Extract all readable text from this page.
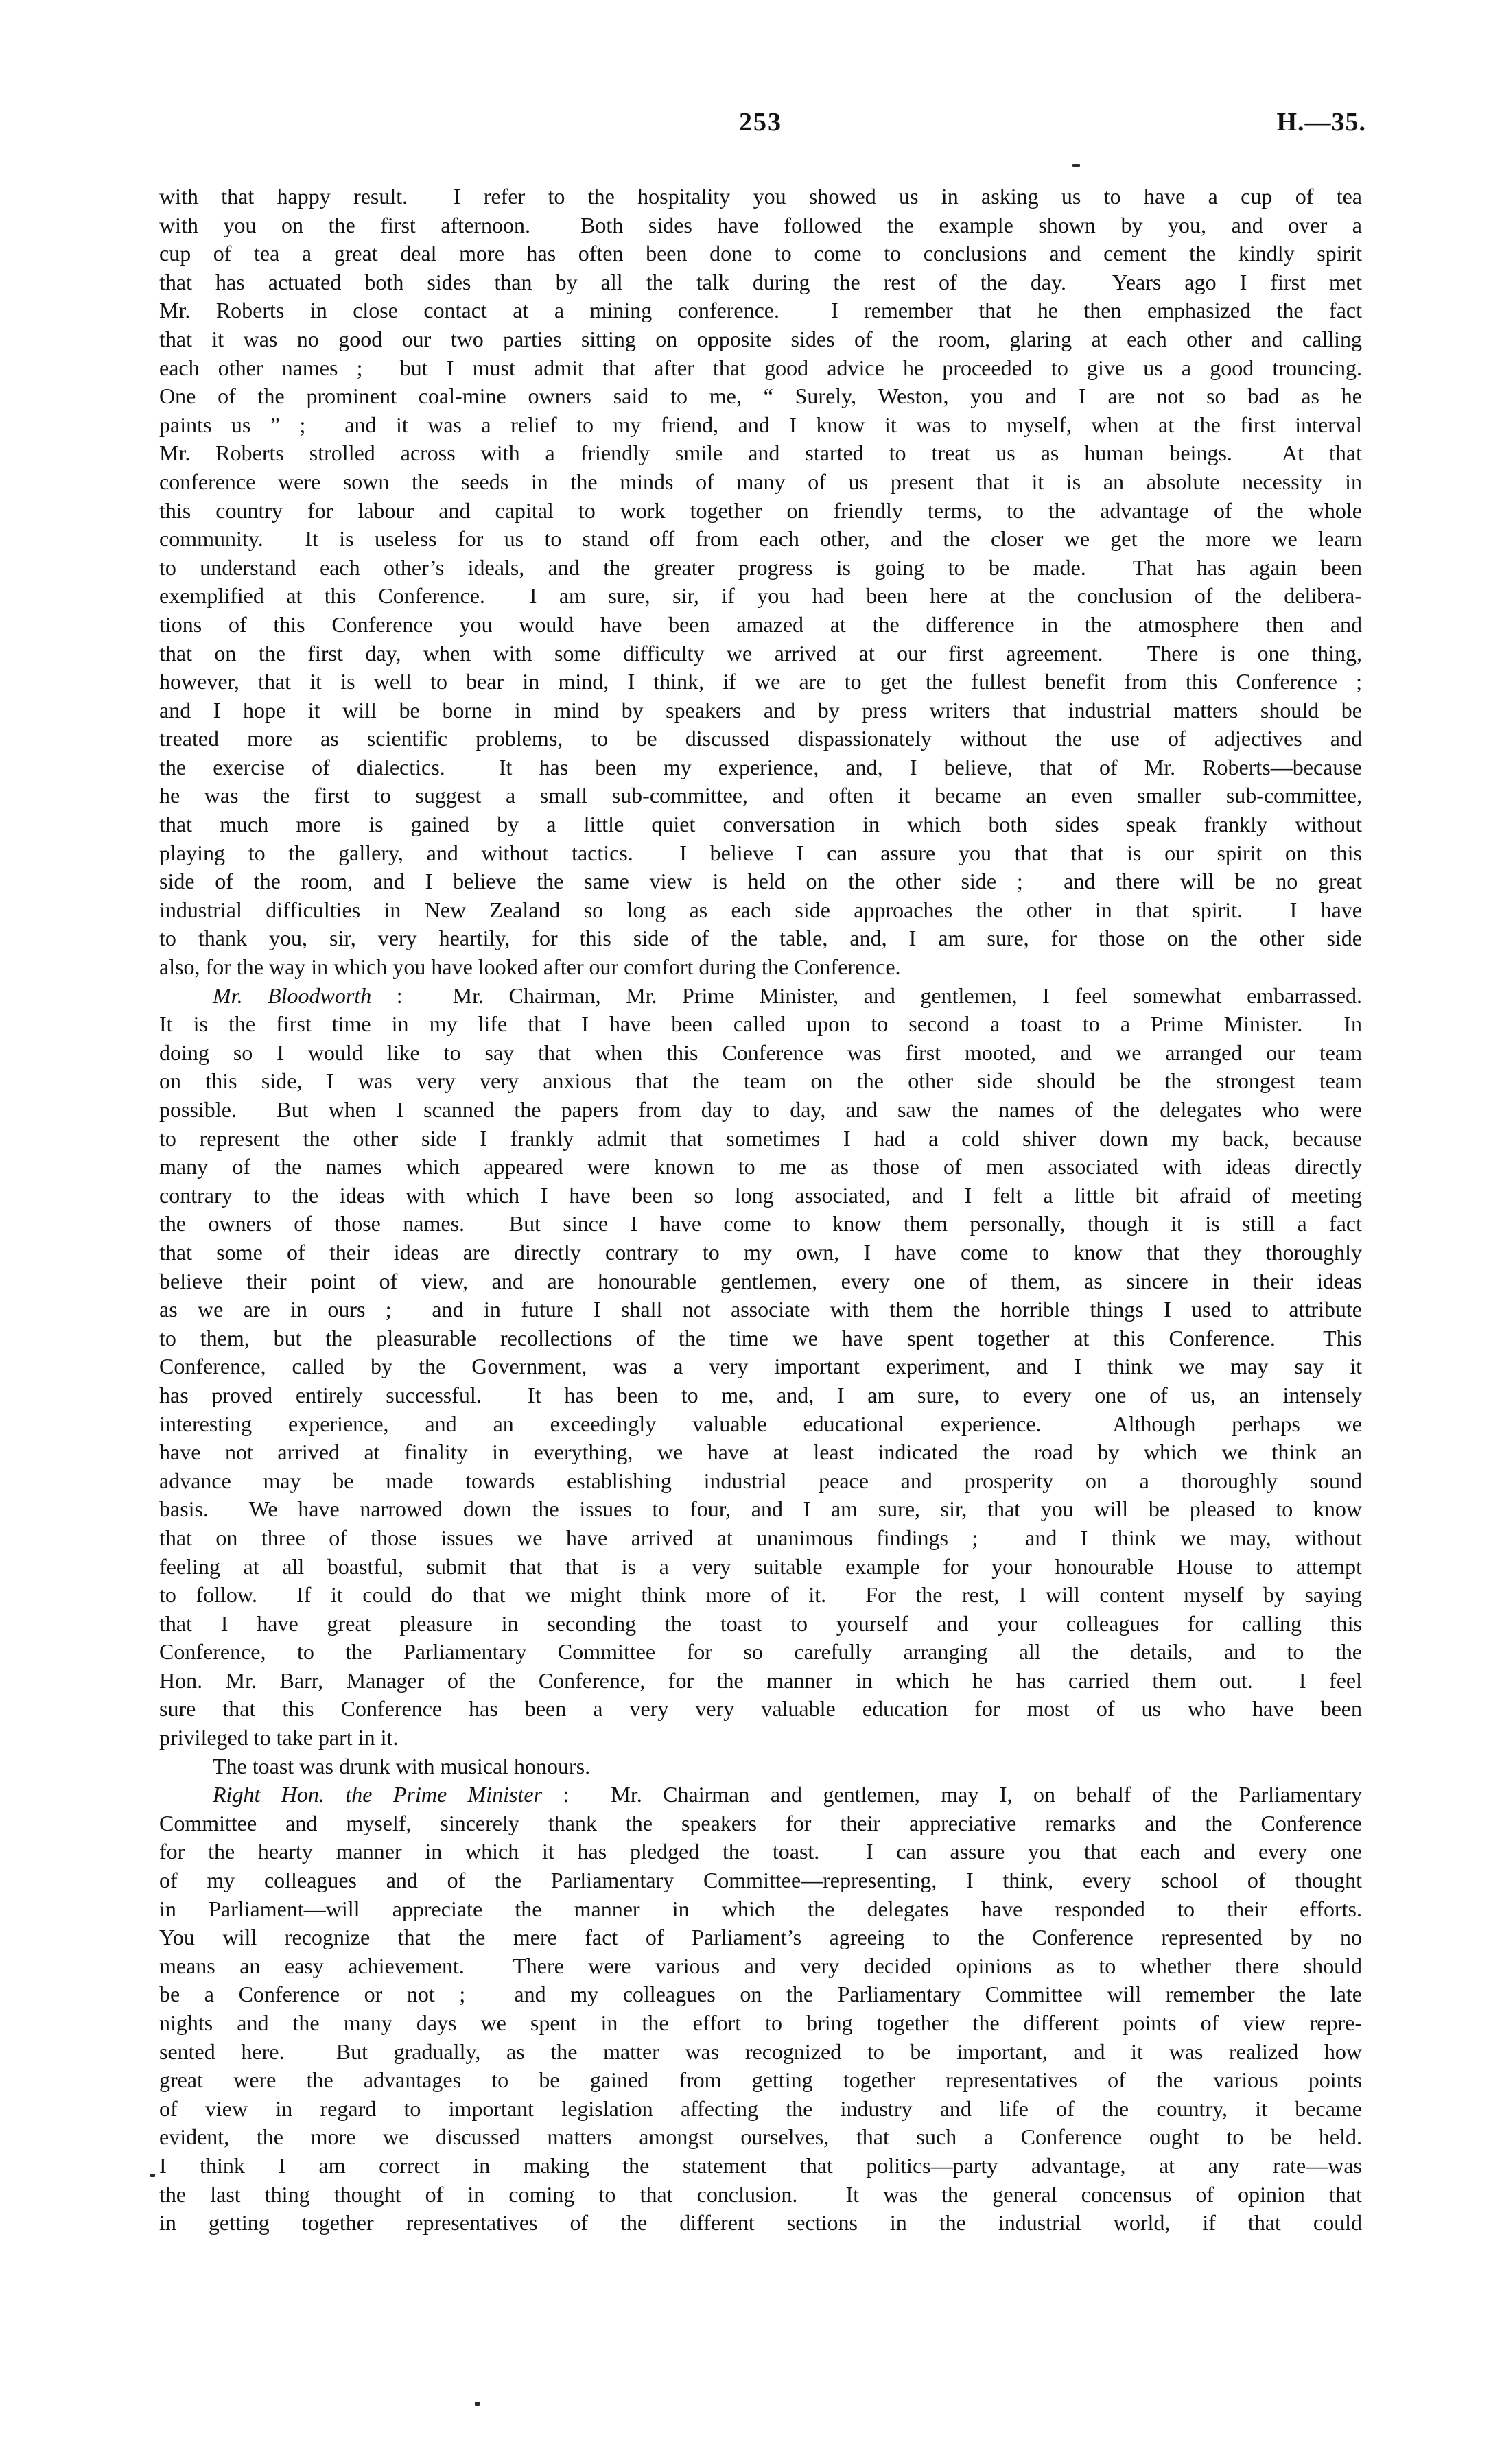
253	H.—35.
with that happy result.  I refer to the hospitality you showed us in asking us to have a cup of tea
with you on the first afternoon.  Both sides have followed the example shown by you, and over a
cup of tea a great deal more has often been done to come to conclusions and cement the kindly spirit
that has actuated both sides than by all the talk during the rest of the day.  Years ago I first met
Mr. Roberts in close contact at a mining conference.  I remember that he then emphasized the fact
that it was no good our two parties sitting on opposite sides of the room, glaring at each other and calling
each other names ;  but I must admit that after that good advice he proceeded to give us a good trouncing.
One of the prominent coal-mine owners said to me, “ Surely, Weston, you and I are not so bad as he
paints us ” ;  and it was a relief to my friend, and I know it was to myself, when at the first interval
Mr. Roberts strolled across with a friendly smile and started to treat us as human beings.  At that
conference were sown the seeds in the minds of many of us present that it is an absolute necessity in
this country for labour and capital to work together on friendly terms, to the advantage of the whole
community.  It is useless for us to stand off from each other, and the closer we get the more we learn
to understand each other’s ideals, and the greater progress is going to be made.  That has again been
exemplified at this Conference.  I am sure, sir, if you had been here at the conclusion of the delibera-
tions of this Conference you would have been amazed at the difference in the atmosphere then and
that on the first day, when with some difficulty we arrived at our first agreement.  There is one thing,
however, that it is well to bear in mind, I think, if we are to get the fullest benefit from this Conference ;
and I hope it will be borne in mind by speakers and by press writers that industrial matters should be
treated more as scientific problems, to be discussed dispassionately without the use of adjectives and
the exercise of dialectics.  It has been my experience, and, I believe, that of Mr. Roberts—because
he was the first to suggest a small sub-committee, and often it became an even smaller sub-committee,
that much more is gained by a little quiet conversation in which both sides speak frankly without
playing to the gallery, and without tactics.  I believe I can assure you that that is our spirit on this
side of the room, and I believe the same view is held on the other side ;  and there will be no great
industrial difficulties in New Zealand so long as each side approaches the other in that spirit.  I have
to thank you, sir, very heartily, for this side of the table, and, I am sure, for those on the other side
also, for the way in which you have looked after our comfort during the Conference.
Mr. Bloodworth :  Mr. Chairman, Mr. Prime Minister, and gentlemen, I feel somewhat embarrassed.
It is the first time in my life that I have been called upon to second a toast to a Prime Minister.  In
doing so I would like to say that when this Conference was first mooted, and we arranged our team
on this side, I was very very anxious that the team on the other side should be the strongest team
possible.  But when I scanned the papers from day to day, and saw the names of the delegates who were
to represent the other side I frankly admit that sometimes I had a cold shiver down my back, because
many of the names which appeared were known to me as those of men associated with ideas directly
contrary to the ideas with which I have been so long associated, and I felt a little bit afraid of meeting
the owners of those names.  But since I have come to know them personally, though it is still a fact
that some of their ideas are directly contrary to my own, I have come to know that they thoroughly
believe their point of view, and are honourable gentlemen, every one of them, as sincere in their ideas
as we are in ours ;  and in future I shall not associate with them the horrible things I used to attribute
to them, but the pleasurable recollections of the time we have spent together at this Conference.  This
Conference, called by the Government, was a very important experiment, and I think we may say it
has proved entirely successful.  It has been to me, and, I am sure, to every one of us, an intensely
interesting experience, and an exceedingly valuable educational experience.  Although perhaps we
have not arrived at finality in everything, we have at least indicated the road by which we think an
advance may be made towards establishing industrial peace and prosperity on a thoroughly sound
basis.  We have narrowed down the issues to four, and I am sure, sir, that you will be pleased to know
that on three of those issues we have arrived at unanimous findings ;  and I think we may, without
feeling at all boastful, submit that that is a very suitable example for your honourable House to attempt
to follow.  If it could do that we might think more of it.  For the rest, I will content myself by saying
that I have great pleasure in seconding the toast to yourself and your colleagues for calling this
Conference, to the Parliamentary Committee for so carefully arranging all the details, and to the
Hon. Mr. Barr, Manager of the Conference, for the manner in which he has carried them out.  I feel
sure that this Conference has been a very very valuable education for most of us who have been
privileged to take part in it.
The toast was drunk with musical honours.
Right Hon. the Prime Minister :  Mr. Chairman and gentlemen, may I, on behalf of the Parliamentary
Committee and myself, sincerely thank the speakers for their appreciative remarks and the Conference
for the hearty manner in which it has pledged the toast.  I can assure you that each and every one
of my colleagues and of the Parliamentary Committee—representing, I think, every school of thought
in Parliament—will appreciate the manner in which the delegates have responded to their efforts.
You will recognize that the mere fact of Parliament’s agreeing to the Conference represented by no
means an easy achievement.  There were various and very decided opinions as to whether there should
be a Conference or not ;  and my colleagues on the Parliamentary Committee will remember the late
nights and the many days we spent in the effort to bring together the different points of view repre-
sented here.  But gradually, as the matter was recognized to be important, and it was realized how
great were the advantages to be gained from getting together representatives of the various points
of view in regard to important legislation affecting the industry and life of the country, it became
evident, the more we discussed matters amongst ourselves, that such a Conference ought to be held.
I think I am correct in making the statement that politics—party advantage, at any rate—was
the last thing thought of in coming to that conclusion.  It was the general concensus of opinion that
in getting together representatives of the different sections in the industrial world, if that could
